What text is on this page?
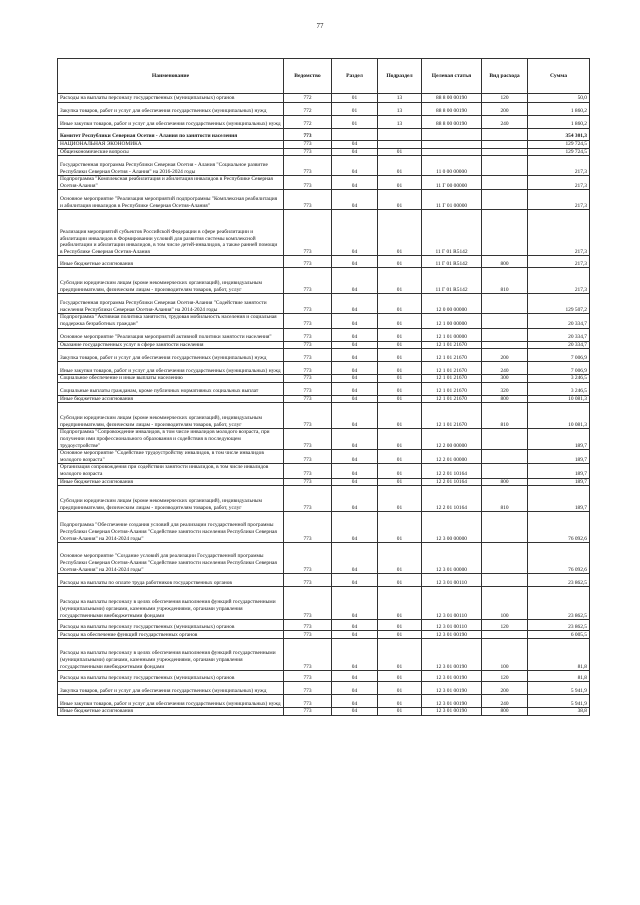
77
Наименование	Ведомство	Раздел	Подраздел	Целевая статья	Вид расхода	Сумма
Расходы на выплаты персоналу государственных (муниципальных) органов	772	01	13	88 8 00 00190	120	50,0
Закупка товаров, работ и услуг для обеспечения государственных (муниципальных) нужд	772	01	13	88 8 00 00190	200	1 860,2
Иные закупки товаров, работ и услуг для обеспечения государственных (муниципальных) нужд	772	01	13	88 8 00 00190	240	1 860,2
Комитет Республики Северная Осетия - Алания по занятости населения	773					354 301,3
НАЦИОНАЛЬНАЯ ЭКОНОМИКА	773	04				129 724,5
Общеэкономические вопросы	773	04	01			129 724,5
Государственная программа Республики Северная Осетия - Алания "Социальное развитие Республики Северная Осетия - Алания" на 2016-2024 годы	773	04	01	11 0 00 00000		217,3
Подпрограмма "Комплексная реабилитация и абилитация инвалидов в Республике Северная Осетия-Алания"	773	04	01	11 Г 00 00000		217,3
Основное мероприятие "Реализация мероприятий подпрограммы "Комплексная реабилитация и абилитация инвалидов в Республике Северная Осетия-Алания"	773	04	01	11 Г 01 00000		217,3
Реализация мероприятий субъектов Российской Федерации в сфере реабилитации и абилитации инвалидов в Формировании условий для развития системы комплексной реабилитации и абилитации инвалидов, в том числе детей-инвалидов, а также ранней помощи в Республике Северная Осетия-Алания	773	04	01	11 Г 01 R5142		217,3
Иные бюджетные ассигнования	773	04	01	11 Г 01 R5142	800	217,3
Субсидии юридическим лицам (кроме некоммерческих организаций), индивидуальным предпринимателям, физическим лицам - производителям товаров, работ, услуг	773	04	01	11 Г 01 R5142	810	217,3
Государственная программа Республики Северная Осетия-Алания "Содействие занятости населения Республики Северная Осетия-Алания" на 2014-2024 годы	773	04	01	12 0 00 00000		129 507,2
Подпрограмма "Активная политика занятости, трудовая мобильность населения и социальная поддержка безработных граждан"	773	04	01	12 1 00 00000		20 334,7
Основное мероприятие "Реализация мероприятий активной политики занятости населения"	773	04	01	12 1 01 00000		20 334,7
Оказание государственных услуг в сфере занятости населения	773	04	01	12 1 01 21670		20 334,7
Закупка товаров, работ и услуг для обеспечения государственных (муниципальных) нужд	773	04	01	12 1 01 21670	200	7 006,9
Иные закупки товаров, работ и услуг для обеспечения государственных (муниципальных) нужд	773	04	01	12 1 01 21670	240	7 006,9
Социальное обеспечение и иные выплаты населению	773	04	01	12 1 01 21670	300	3 246,5
Социальные выплаты гражданам, кроме публичных нормативных социальных выплат	773	04	01	12 1 01 21670	320	3 246,5
Иные бюджетные ассигнования	773	04	01	12 1 01 21670	800	10 081,3
Субсидии юридическим лицам (кроме некоммерческих организаций), индивидуальным предпринимателям, физическим лицам - производителям товаров, работ, услуг	773	04	01	12 1 01 21670	810	10 081,3
Подпрограмма "Сопровождение инвалидов, в том числе инвалидов молодого возраста, при получении ими профессионального образования и содействия в последующем трудоустройстве"	773	04	01	12 2 00 00000		189,7
Основное мероприятие "Содействие трудоустройству инвалидов, в том числе инвалидов молодого возраста"	773	04	01	12 2 01 00000		189,7
Организация сопровождения при содействии занятости инвалидов, в том числе инвалидов молодого возраста	773	04	01	12 2 01 10164		189,7
Иные бюджетные ассигнования	773	04	01	12 2 01 10164	800	189,7
Субсидии юридическим лицам (кроме некоммерческих организаций), индивидуальным предпринимателям, физическим лицам - производителям товаров, работ, услуг	773	04	01	12 2 01 10164	810	189,7
Подпрограмма "Обеспечение создания условий для реализации государственной программы Республики Северная Осетия-Алания "Содействие занятости населения Республики Северная Осетия-Алания" на 2014-2024 годы"	773	04	01	12 3 00 00000		76 092,6
Основное мероприятие "Создание условий для реализации Государственной программы Республики Северная Осетия-Алания "Содействие занятости населения Республики Северная Осетия-Алания" на 2014-2024 годы"	773	04	01	12 3 01 00000		76 092,6
Расходы на выплаты по оплате труда работников государственных органов	773	04	01	12 3 01 00110		23 862,5
Расходы на выплаты персоналу в целях обеспечения выполнения функций государственными (муниципальными) органами, казенными учреждениями, органами управления государственными внебюджетными фондами	773	04	01	12 3 01 00110	100	23 862,5
Расходы на выплаты персоналу государственных (муниципальных) органов	773	04	01	12 3 01 00110	120	23 862,5
Расходы на обеспечение функций государственных органов	773	04	01	12 3 01 00190		6 005,5
Расходы на выплаты персоналу в целях обеспечения выполнения функций государственными (муниципальными) органами, казенными учреждениями, органами управления государственными внебюджетными фондами	773	04	01	12 3 01 00190	100	81,8
Расходы на выплаты персоналу государственных (муниципальных) органов	773	04	01	12 3 01 00190	120	81,8
Закупка товаров, работ и услуг для обеспечения государственных (муниципальных) нужд	773	04	01	12 3 01 00190	200	5 941,9
Иные закупки товаров, работ и услуг для обеспечения государственных (муниципальных) нужд	773	04	01	12 3 01 00190	240	5 941,9
Иные бюджетные ассигнования	773	04	01	12 3 01 00190	800	38,8
